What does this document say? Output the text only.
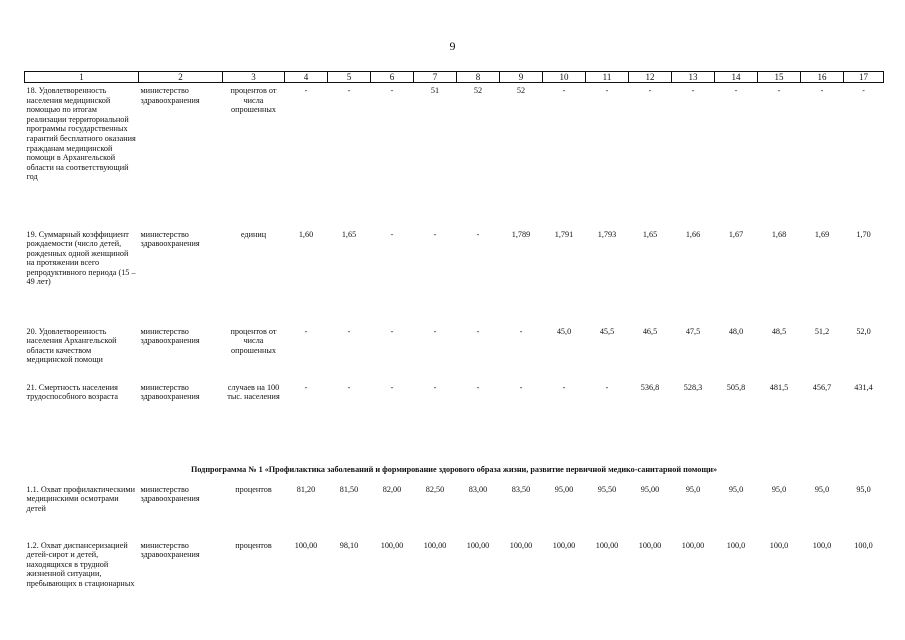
9
1	2	3	4	5	6	7	8	9	10	11	12	13	14	15	16	17
18. Удовлетворенность населения медицинской помощью по итогам реализации территориальной программы государственных гарантий бесплатного оказания гражданам медицинской помощи в Архангельской области на соответствующий год	министерство здравоохранения	процентов от числа опрошенных	-	-	-	51	52	52	-	-	-	-	-	-	-	-
19. Суммарный коэффициент рождаемости (число детей, рожденных одной женщиной на протяжении всего репродуктивного периода (15 – 49 лет)	министерство здравоохранения	единиц	1,60	1,65	-	-	-	1,789	1,791	1,793	1,65	1,66	1,67	1,68	1,69	1,70
20. Удовлетворенность населения Архангельской области качеством медицинской помощи	министерство здравоохранения	процентов от числа опрошенных	-	-	-	-	-	-	45,0	45,5	46,5	47,5	48,0	48,5	51,2	52,0
21. Смертность населения трудоспособного возраста	министерство здравоохранения	случаев на 100 тыс. населения	-	-	-	-	-	-	-	-	536,8	528,3	505,8	481,5	456,7	431,4
Подпрограмма № 1 «Профилактика заболеваний и формирование здорового образа жизни, развитие первичной медико-санитарной помощи»																
1.1. Охват профилактическими медицинскими осмотрами детей	министерство здравоохранения	процентов	81,20	81,50	82,00	82,50	83,00	83,50	95,00	95,50	95,00	95,0	95,0	95,0	95,0	95,0
1.2. Охват диспансеризацией детей-сирот и детей, находящихся в трудной жизненной ситуации, пребывающих в стационарных	министерство здравоохранения	процентов	100,00	98,10	100,00	100,00	100,00	100,00	100,00	100,00	100,00	100,00	100,0	100,0	100,0	100,0
